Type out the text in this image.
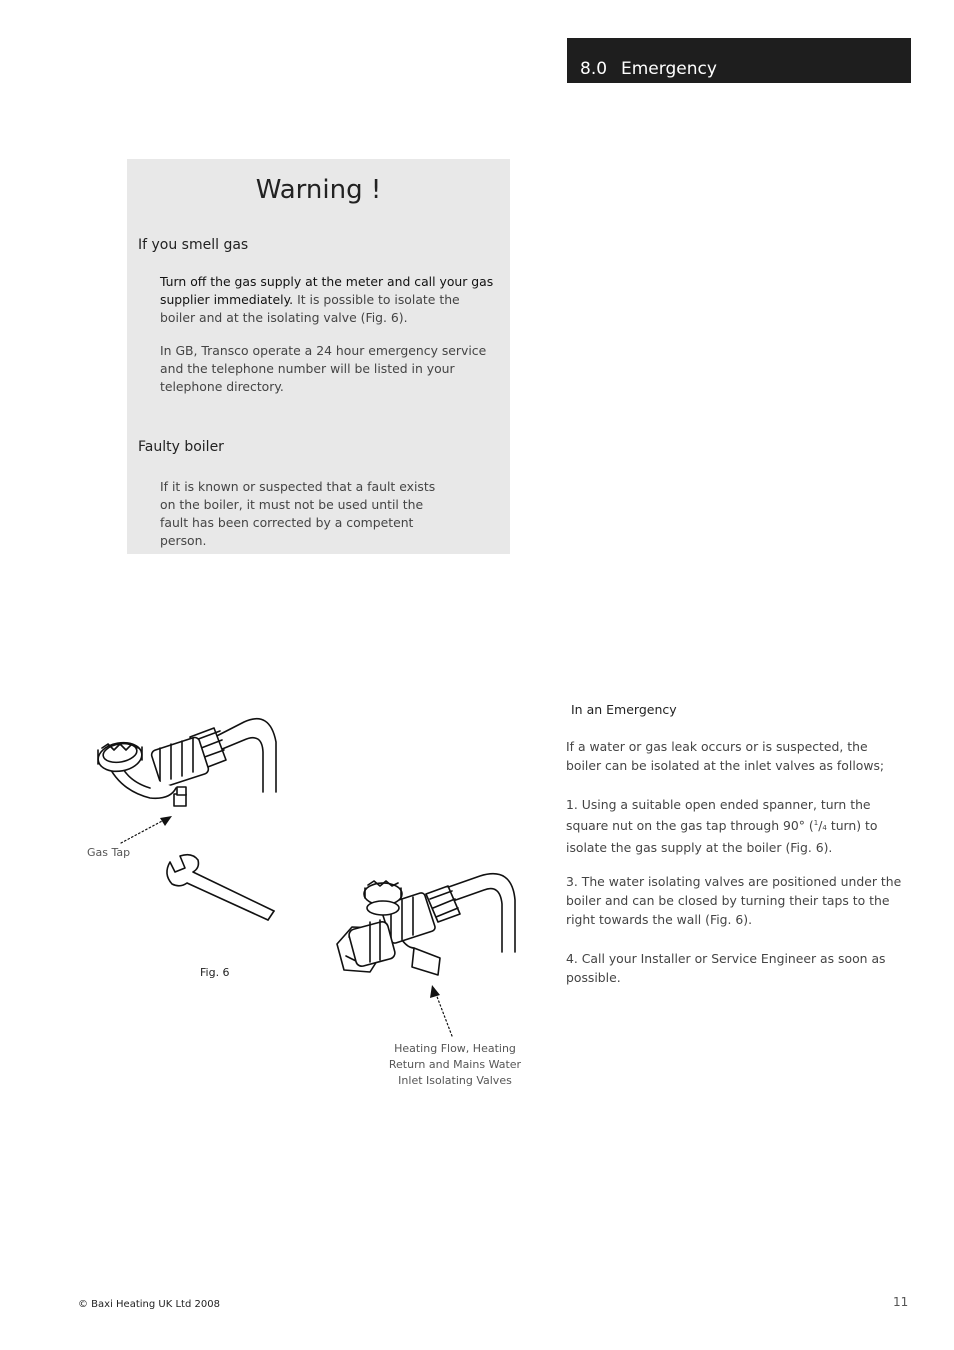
8.0 Emergency
Warning !
If you smell gas

Turn off the gas supply at the meter and call your gas supplier immediately. It is possible to isolate the boiler and at the isolating valve (Fig. 6).

In GB, Transco operate a 24 hour emergency service and the telephone number will be listed in your telephone directory.

Faulty boiler

If it is known or suspected that a fault exists on the boiler, it must not be used until the fault has been corrected by a competent person.

In an Emergency

If a water or gas leak occurs or is suspected, the boiler can be isolated at the inlet valves as follows;

1. Using a suitable open ended spanner, turn the square nut on the gas tap through 90° ($^1$/4 turn) to isolate the gas supply at the boiler (Fig. 6).

3. The water isolating valves are positioned under the boiler and can be closed by turning their taps to the right towards the wall (Fig. 6).

4. Call your Installer or Service Engineer as soon as possible.

Gas Tap
Fig. 6
Heating Flow, Heating
Return and Mains Water
Inlet Isolating Valves
© Baxi Heating UK Ltd 2008	11
